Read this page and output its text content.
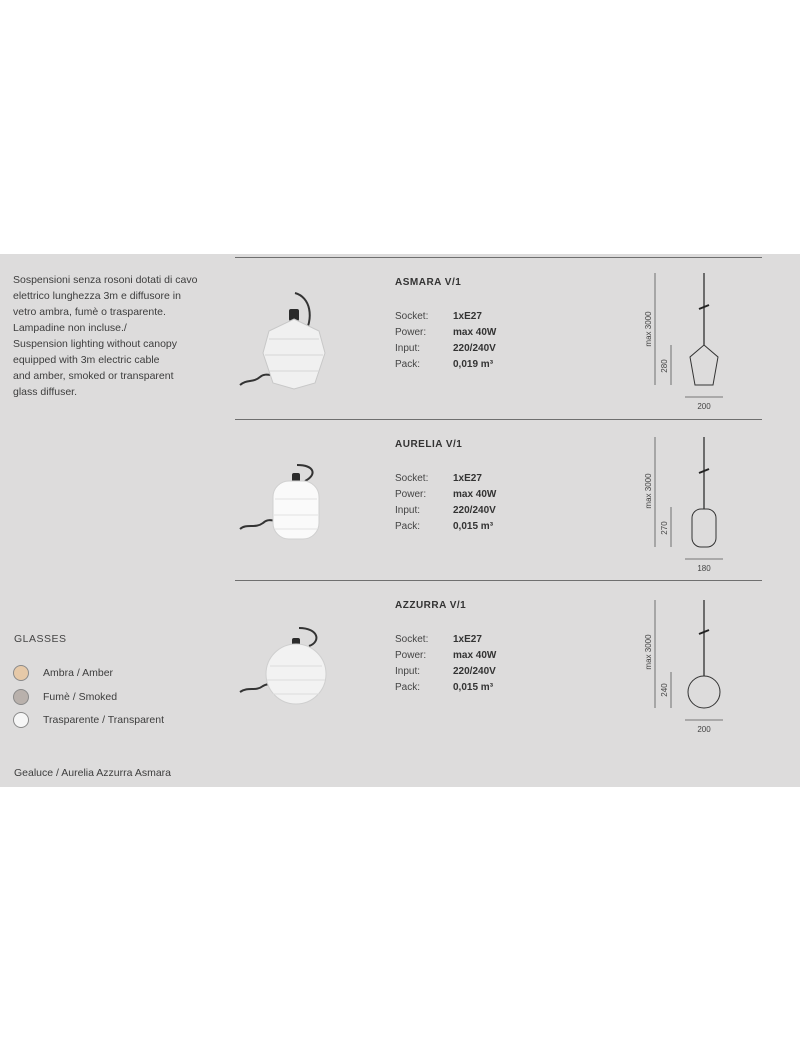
Sospensioni senza rosoni dotati di cavo
elettrico lunghezza 3m e diffusore in
vetro ambra, fumè o trasparente.
Lampadine non incluse./
Suspension lighting without canopy
equipped with 3m electric cable
and amber, smoked or transparent
glass diffuser.
ASMARA V/1
Socket:	1xE27
Power:	max 40W
Input:	220/240V
Pack:	0,019 m³
max 3000
280
200
AURELIA V/1
Socket:	1xE27
Power:	max 40W
Input:	220/240V
Pack:	0,015 m³
max 3000
270
180
AZZURRA V/1
Socket:	1xE27
Power:	max 40W
Input:	220/240V
Pack:	0,015 m³
max 3000
240
200
GLASSES
Ambra / Amber
Fumè / Smoked
Trasparente / Transparent
Gealuce / Aurelia Azzurra Asmara
